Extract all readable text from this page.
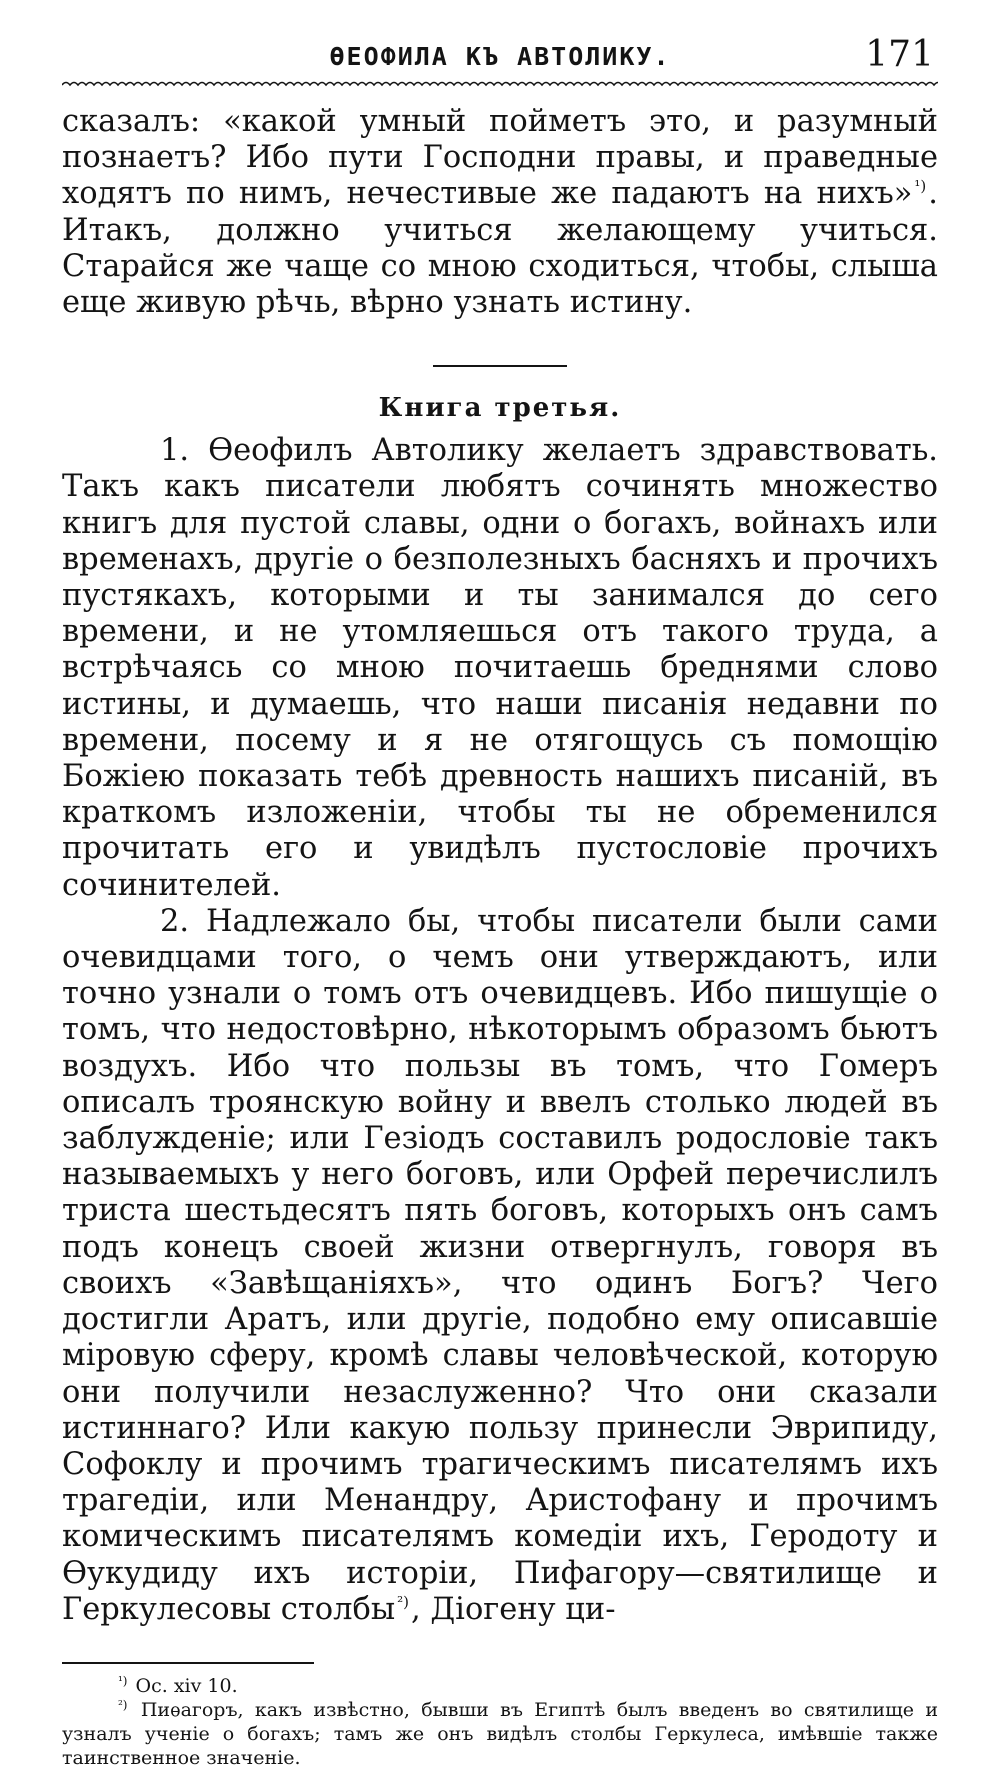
ѲЕОФИЛА КЪ АВТОЛИКУ.	171

сказалъ: «какой умный пойметъ это, и разумный познаетъ? Ибо пути Господни правы, и праведные ходятъ по нимъ, нечестивые же падаютъ на нихъ» $^{^1)}$. Итакъ, должно учиться желающему учиться. Старайся же чаще со мною сходиться, чтобы, слыша еще живую рѣчь, вѣрно узнать истину.

Книга третья.

1. Ѳеофилъ Автолику желаетъ здравствовать. Такъ какъ писатели любятъ сочинять множество книгъ для пустой славы, одни о богахъ, войнахъ или временахъ, другіе о безполезныхъ басняхъ и прочихъ пустякахъ, которыми и ты занимался до сего времени, и не утомляешься отъ такого труда, а встрѣчаясь со мною почитаешь бреднями слово истины, и думаешь, что наши писанія недавни по времени, посему и я не отягощусь съ помощію Божіею показать тебѣ древность нашихъ писаній, въ краткомъ изложеніи, чтобы ты не обременился прочитать его и увидѣлъ пустословіе прочихъ сочинителей.

2. Надлежало бы, чтобы писатели были сами очевидцами того, о чемъ они утверждаютъ, или точно узнали о томъ отъ очевидцевъ. Ибо пишущіе о томъ, что недостовѣрно, нѣкоторымъ образомъ бьютъ воздухъ. Ибо что пользы въ томъ, что Гомеръ описалъ троянскую войну и ввелъ столько людей въ заблужденіе; или Гезіодъ составилъ родословіе такъ называемыхъ у него боговъ, или Орфей перечислилъ триста шестьдесятъ пять боговъ, которыхъ онъ самъ подъ конецъ своей жизни отвергнулъ, говоря въ своихъ «Завѣщаніяхъ», что одинъ Богъ? Чего достигли Аратъ, или другіе, подобно ему описавшіе міровую сферу, кромѣ славы человѣческой, которую они получили незаслуженно? Что они сказали истиннаго? Или какую пользу принесли Эврипиду, Софоклу и прочимъ трагическимъ писателямъ ихъ трагедіи, или Менандру, Аристофану и прочимъ комическимъ писателямъ комедіи ихъ, Геродоту и Ѳукудиду ихъ исторіи, Пифагору—святилище и Геркулесовы столбы $^{^2)}$, Діогену ци-

$^{^1)}$ Ос. xiv 10.

$^{^2)}$ Пиѳагоръ, какъ извѣстно, бывши въ Египтѣ былъ введенъ во святилище и узналъ ученіе о богахъ; тамъ же онъ видѣлъ столбы Геркулеса, имѣвшіе также таинственное значеніе.
